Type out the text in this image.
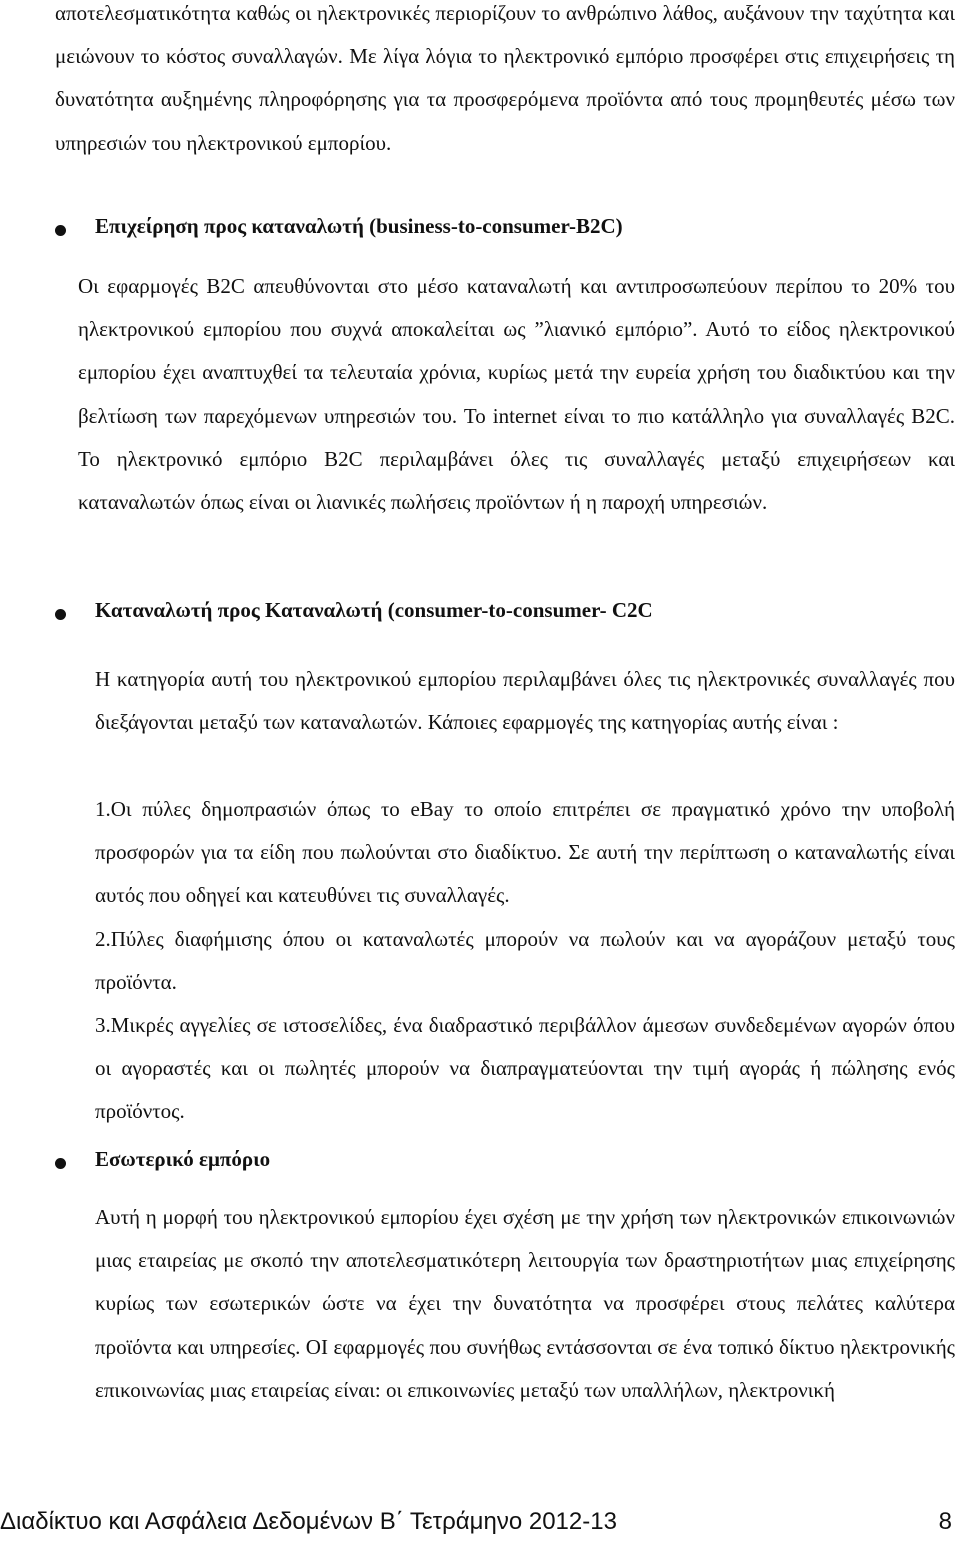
αποτελεσματικότητα καθώς οι ηλεκτρονικές περιορίζουν το ανθρώπινο λάθος, αυξάνουν την ταχύτητα και μειώνουν το κόστος συναλλαγών. Με λίγα λόγια το ηλεκτρονικό εμπόριο προσφέρει στις επιχειρήσεις τη δυνατότητα αυξημένης πληροφόρησης για τα προσφερόμενα προϊόντα από τους προμηθευτές μέσω των υπηρεσιών του ηλεκτρονικού εμπορίου.

Επιχείρηση προς καταναλωτή (business-to-consumer-B2C)

Οι εφαρμογές B2C απευθύνονται στο μέσο καταναλωτή και αντιπροσωπεύουν περίπου το 20% του ηλεκτρονικού εμπορίου που συχνά αποκαλείται ως ”λιανικό εμπόριο”. Αυτό το είδος ηλεκτρονικού εμπορίου έχει αναπτυχθεί τα τελευταία χρόνια, κυρίως μετά την ευρεία χρήση του διαδικτύου και την βελτίωση των παρεχόμενων υπηρεσιών του. Το internet είναι το πιο κατάλληλο για συναλλαγές B2C. Το ηλεκτρονικό εμπόριο B2C περιλαμβάνει όλες τις συναλλαγές μεταξύ επιχειρήσεων και καταναλωτών όπως είναι οι λιανικές πωλήσεις προϊόντων ή η παροχή υπηρεσιών.

Καταναλωτή προς Καταναλωτή (consumer-to-consumer- C2C

Η κατηγορία αυτή του ηλεκτρονικού εμπορίου περιλαμβάνει όλες τις ηλεκτρονικές συναλλαγές που διεξάγονται μεταξύ των καταναλωτών. Κάποιες εφαρμογές της κατηγορίας αυτής είναι :

1.Οι πύλες δημοπρασιών όπως το eBay το οποίο επιτρέπει σε πραγματικό χρόνο την υποβολή προσφορών για τα είδη που πωλούνται στο διαδίκτυο. Σε αυτή την περίπτωση ο καταναλωτής είναι αυτός που οδηγεί και κατευθύνει τις συναλλαγές.

2.Πύλες διαφήμισης όπου οι καταναλωτές μπορούν να πωλούν και να αγοράζουν μεταξύ τους προϊόντα.

3.Μικρές αγγελίες σε ιστοσελίδες, ένα διαδραστικό περιβάλλον άμεσων συνδεδεμένων αγορών όπου οι αγοραστές και οι πωλητές μπορούν να διαπραγματεύονται την τιμή αγοράς ή πώλησης ενός προϊόντος.

Εσωτερικό εμπόριο

Αυτή η μορφή του ηλεκτρονικού εμπορίου έχει σχέση με την χρήση των ηλεκτρονικών επικοινωνιών μιας εταιρείας με σκοπό την αποτελεσματικότερη λειτουργία των δραστηριοτήτων μιας επιχείρησης κυρίως των εσωτερικών ώστε να έχει την δυνατότητα να προσφέρει στους πελάτες καλύτερα προϊόντα και υπηρεσίες. ΟΙ εφαρμογές που συνήθως εντάσσονται σε ένα τοπικό δίκτυο ηλεκτρονικής επικοινωνίας μιας εταιρείας είναι: οι επικοινωνίες μεταξύ των υπαλλήλων, ηλεκτρονική

Διαδίκτυο και Ασφάλεια Δεδομένων Β΄ Τετράμηνο 2012-13	8
